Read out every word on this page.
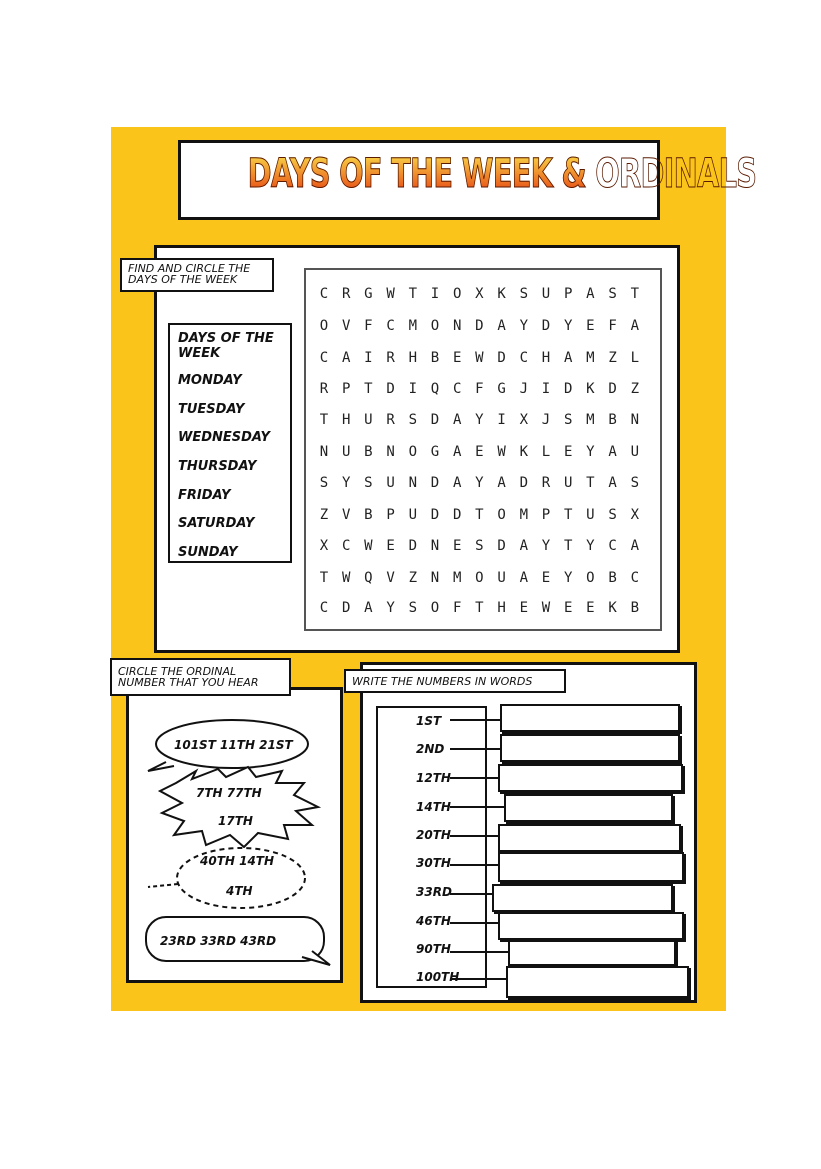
DAYS OF THE WEEK & ORDINALS
FIND AND CIRCLE THE DAYS OF THE WEEK
DAYS OF THE WEEK
MONDAY
TUESDAY
WEDNESDAY
THURSDAY
FRIDAY
SATURDAY
SUNDAY
C R G W T I O X K S U P A S T
O V F C M O N D A Y D Y E F A
C A I R H B E W D C H A M Z L
R P T D I Q C F G J I D K D Z
T H U R S D A Y I X J S M B N
N U B N O G A E W K L E Y A U
S Y S U N D A Y A D R U T A S
Z V B P U D D T O M P T U S X
X C W E D N E S D A Y T Y C A
T W Q V Z N M O U A E Y O B C
C D A Y S O F T H E W E E K B
CIRCLE THE ORDINAL NUMBER THAT YOU HEAR
101ST 11TH 21ST
7TH 77TH
17TH
40TH 14TH
4TH
23RD 33RD 43RD
WRITE THE NUMBERS IN WORDS
1ST
2ND
12TH
14TH
20TH
30TH
33RD
46TH
90TH
100TH
